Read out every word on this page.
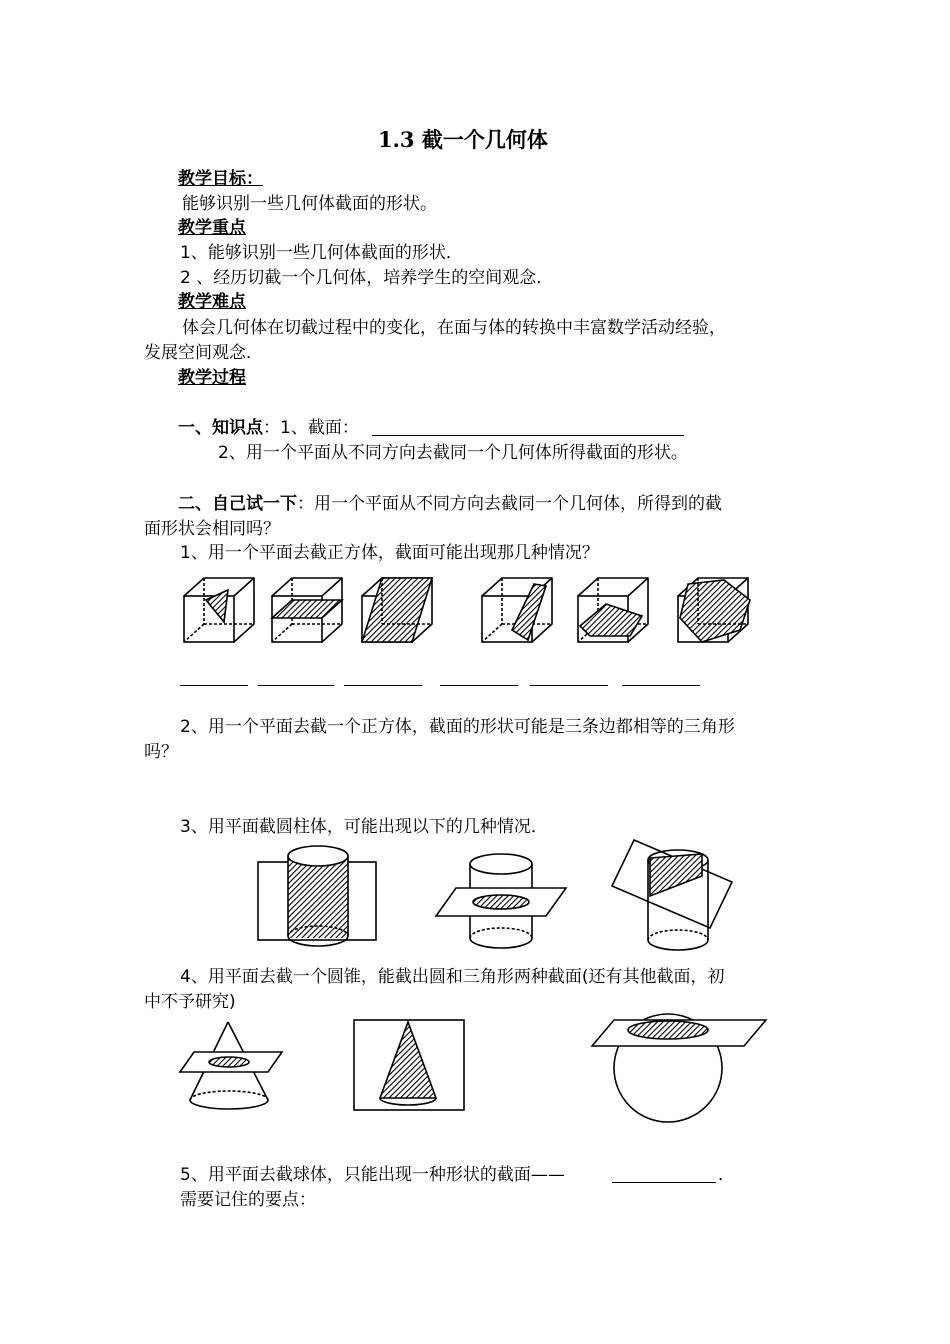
1.3 截一个几何体
教学目标：
能够识别一些几何体截面的形状。
教学重点
1、能够识别一些几何体截面的形状．
2 、经历切截一个几何体，培养学生的空间观念．
教学难点
体会几何体在切截过程中的变化，在面与体的转换中丰富数学活动经验，
发展空间观念．
教学过程
一、知识点：1、截面：
2、用一个平面从不同方向去截同一个几何体所得截面的形状。
二、自己试一下：用一个平面从不同方向去截同一个几何体，所得到的截
面形状会相同吗？
1、用一个平面去截正方体，截面可能出现那几种情况？
2、用一个平面去截一个正方体，截面的形状可能是三条边都相等的三角形
吗？
3、用平面截圆柱体，可能出现以下的几种情况．
4、用平面去截一个圆锥，能截出圆和三角形两种截面(还有其他截面，初
中不予研究)
5、用平面去截球体，只能出现一种形状的截面——	．
需要记住的要点：
